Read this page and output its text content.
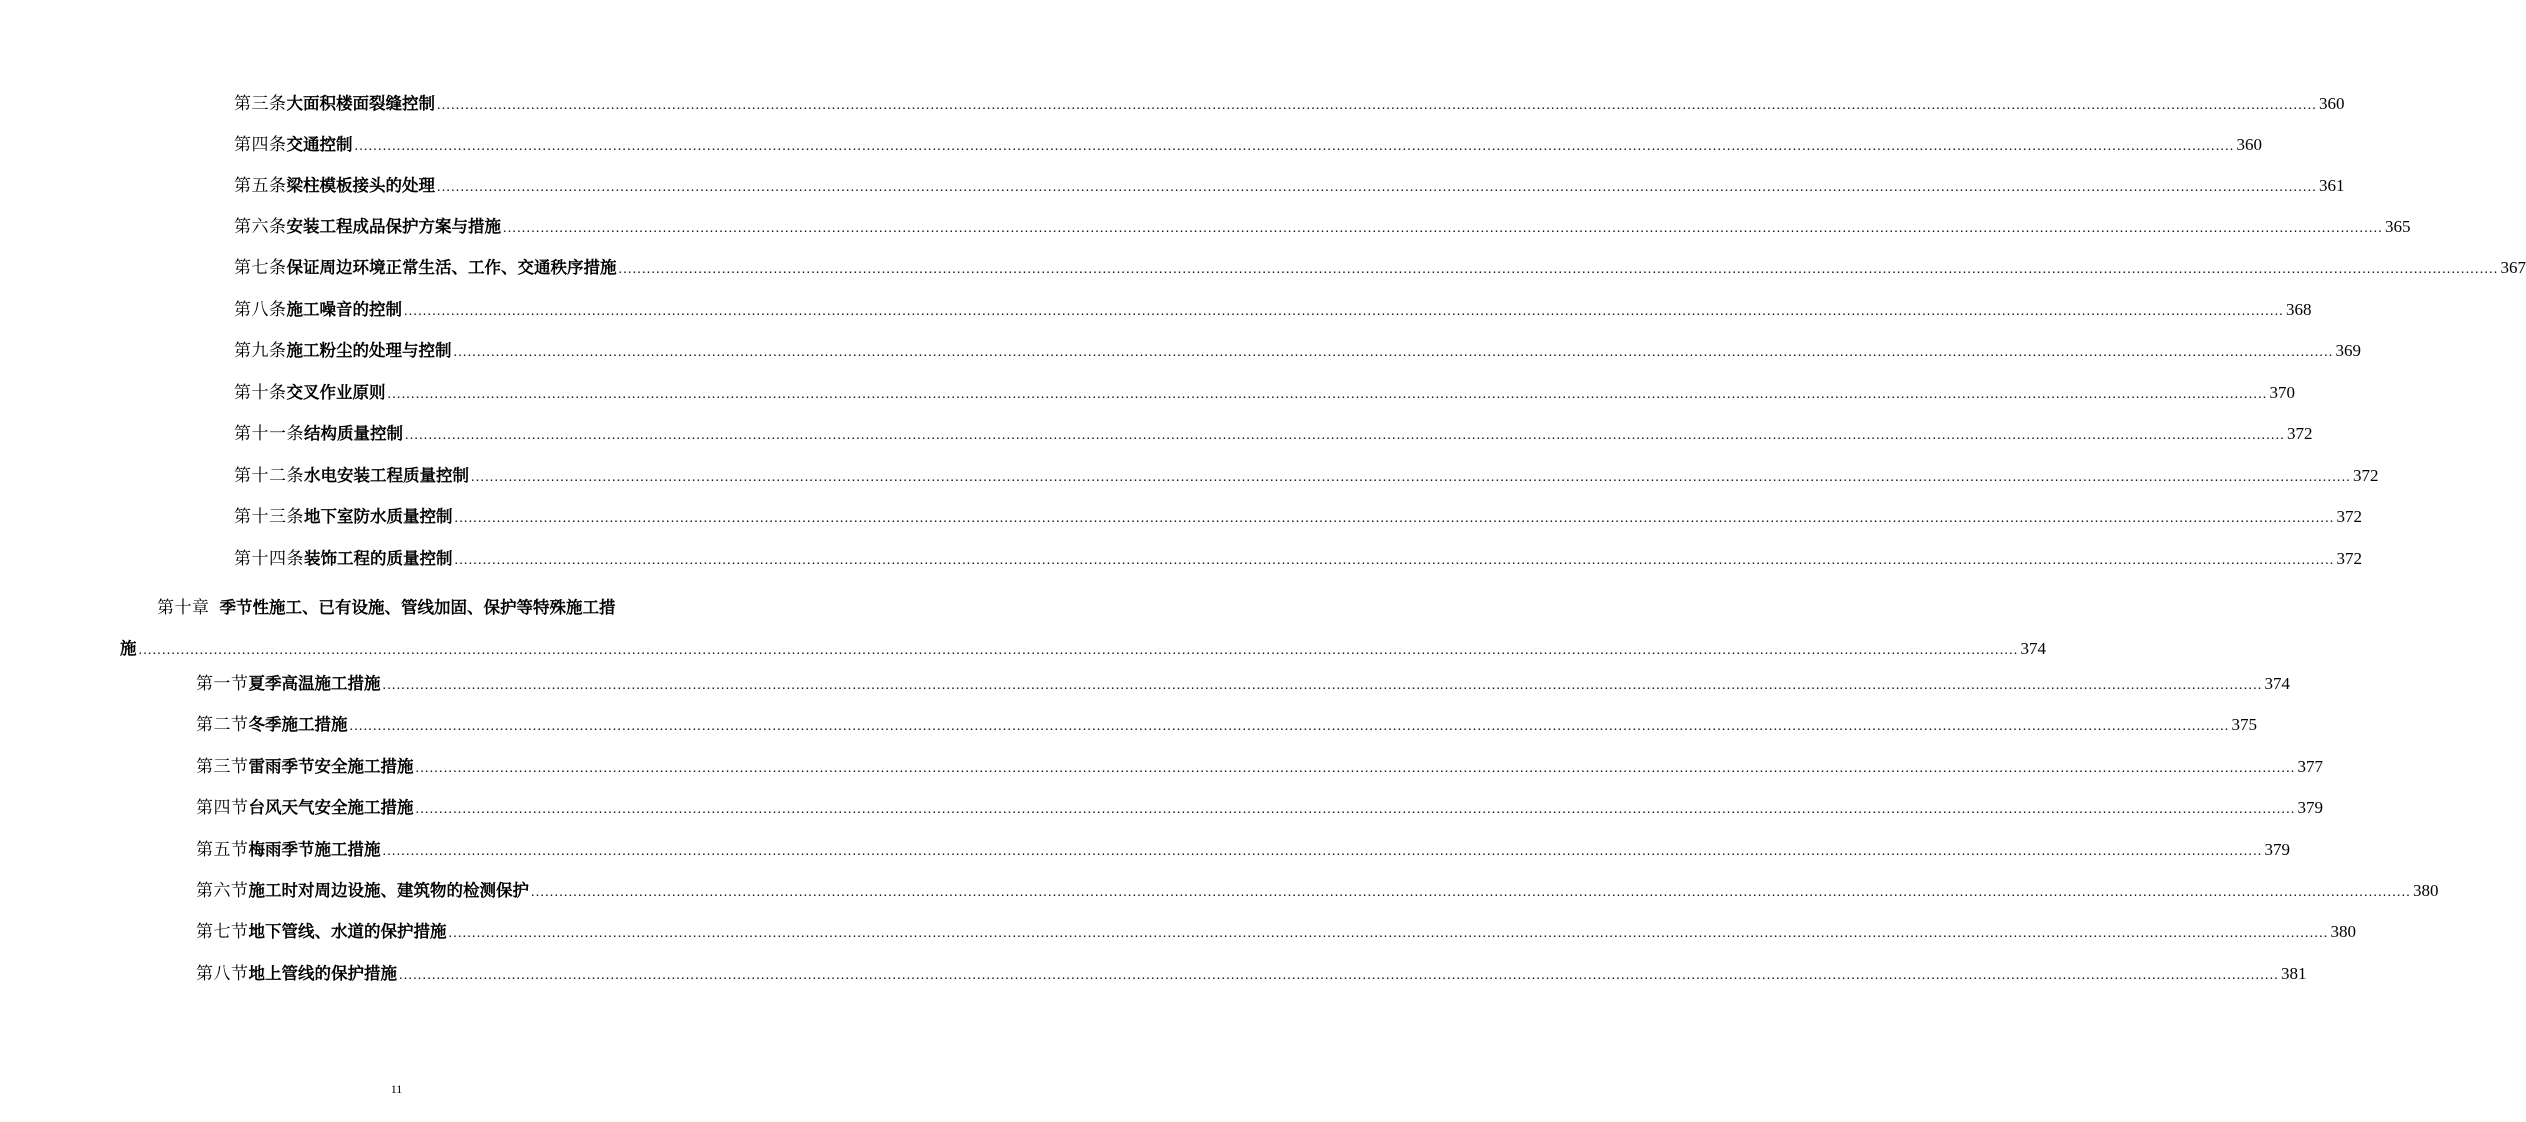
第三条 大面积楼面裂缝控制 ................................................................................................................................................................................................................................................................................................................................................................................................................ 360
第四条 交通控制 ................................................................................................................................................................................................................................................................................................................................................................................................................ 360
第五条 梁柱模板接头的处理 ................................................................................................................................................................................................................................................................................................................................................................................................................ 361
第六条 安装工程成品保护方案与措施 ................................................................................................................................................................................................................................................................................................................................................................................................................ 365
第七条 保证周边环境正常生活、工作、交通秩序措施 ................................................................................................................................................................................................................................................................................................................................................................................................................ 367
第八条 施工噪音的控制 ................................................................................................................................................................................................................................................................................................................................................................................................................ 368
第九条 施工粉尘的处理与控制 ................................................................................................................................................................................................................................................................................................................................................................................................................ 369
第十条 交叉作业原则 ................................................................................................................................................................................................................................................................................................................................................................................................................ 370
第十一条 结构质量控制 ................................................................................................................................................................................................................................................................................................................................................................................................................ 372
第十二条 水电安装工程质量控制 ................................................................................................................................................................................................................................................................................................................................................................................................................ 372
第十三条 地下室防水质量控制 ................................................................................................................................................................................................................................................................................................................................................................................................................ 372
第十四条 装饰工程的质量控制 ................................................................................................................................................................................................................................................................................................................................................................................................................ 372
第十章 季节性施工、已有设施、管线加固、保护等特殊施工措
施 ................................................................................................................................................................................................................................................................................................................................................................................................................ 374
第一节 夏季高温施工措施 ................................................................................................................................................................................................................................................................................................................................................................................................................ 374
第二节 冬季施工措施 ................................................................................................................................................................................................................................................................................................................................................................................................................ 375
第三节 雷雨季节安全施工措施 ................................................................................................................................................................................................................................................................................................................................................................................................................ 377
第四节 台风天气安全施工措施 ................................................................................................................................................................................................................................................................................................................................................................................................................ 379
第五节 梅雨季节施工措施 ................................................................................................................................................................................................................................................................................................................................................................................................................ 379
第六节 施工时对周边设施、建筑物的检测保护 ................................................................................................................................................................................................................................................................................................................................................................................................................ 380
第七节 地下管线、水道的保护措施 ................................................................................................................................................................................................................................................................................................................................................................................................................ 380
第八节 地上管线的保护措施 ................................................................................................................................................................................................................................................................................................................................................................................................................ 381
11
